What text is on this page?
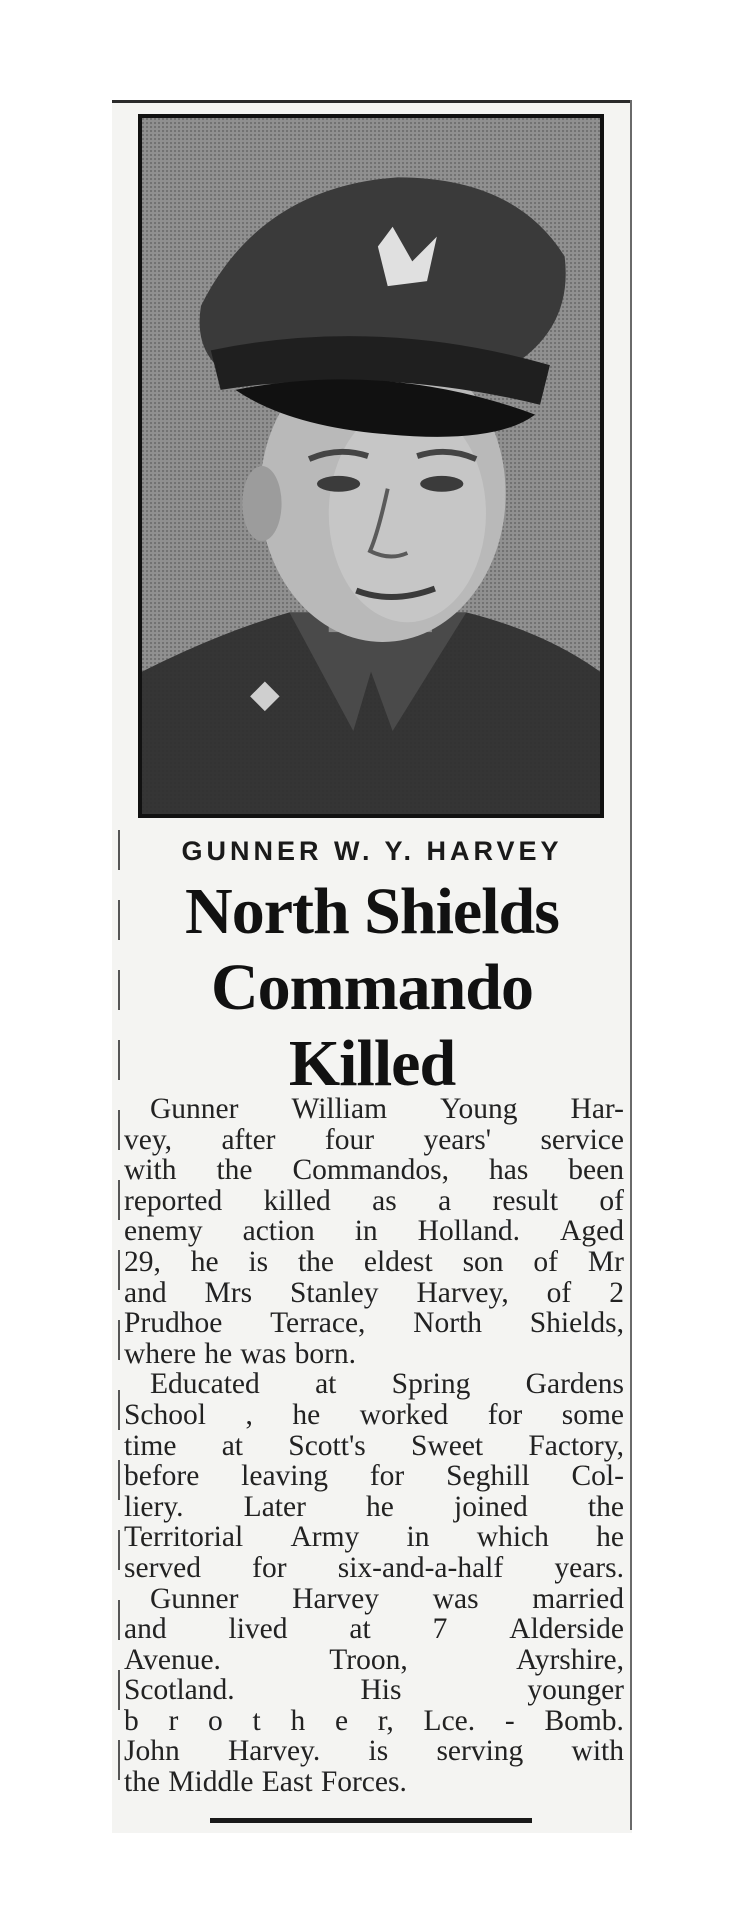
GUNNER W. Y. HARVEY
North Shields
Commando
Killed
Gunner William Young Har-
vey, after four years' service
with the Commandos, has been
reported killed as a result of
enemy action in Holland. Aged
29, he is the eldest son of Mr
and Mrs Stanley Harvey, of 2
Prudhoe Terrace, North Shields,
where he was born.
Educated at Spring Gardens
School , he worked for some
time at Scott's Sweet Factory,
before leaving for Seghill Col-
liery. Later he joined the
Territorial Army in which he
served for six-and-a-half years.
Gunner Harvey was married
and lived at 7 Alderside
Avenue.	Troon,	Ayrshire,
Scotland.	His	younger
b r o t h e r, Lce. - Bomb.
John Harvey. is serving with
the Middle East Forces.
